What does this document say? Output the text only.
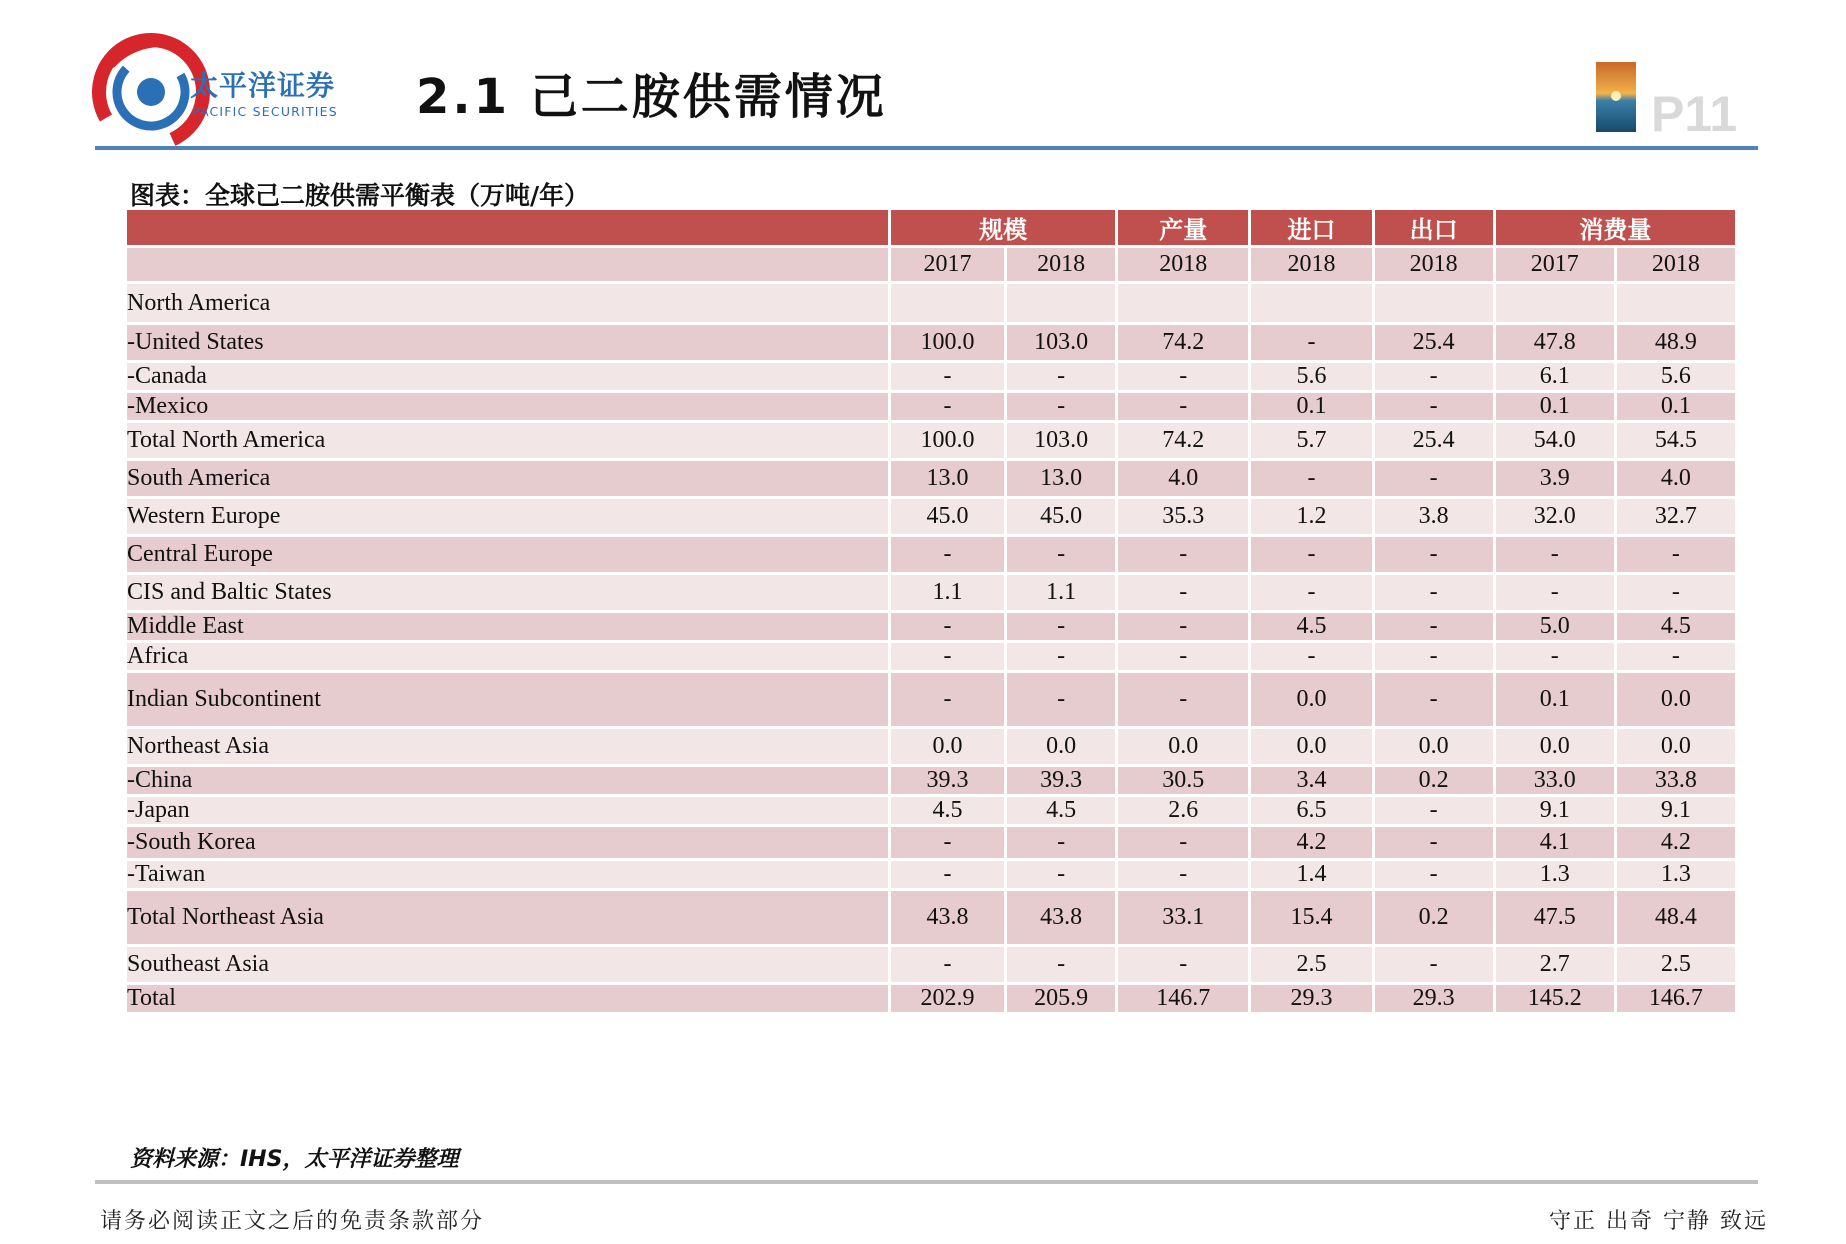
太平洋证券
PACIFIC SECURITIES 2.1 己二胺供需情况	P11
图表：全球己二胺供需平衡表（万吨/年）
	规模		产量	进口	出口	消费量	
	2017	2018	2018	2018	2018	2017	2018
North America							
-United States	100.0	103.0	74.2	-	25.4	47.8	48.9
-Canada	-	-	-	5.6	-	6.1	5.6
-Mexico	-	-	-	0.1	-	0.1	0.1
Total North America	100.0	103.0	74.2	5.7	25.4	54.0	54.5
South America	13.0	13.0	4.0	-	-	3.9	4.0
Western Europe	45.0	45.0	35.3	1.2	3.8	32.0	32.7
Central Europe	-	-	-	-	-	-	-
CIS and Baltic States	1.1	1.1	-	-	-	-	-
Middle East	-	-	-	4.5	-	5.0	4.5
Africa	-	-	-	-	-	-	-
Indian Subcontinent	-	-	-	0.0	-	0.1	0.0
Northeast Asia	0.0	0.0	0.0	0.0	0.0	0.0	0.0
-China	39.3	39.3	30.5	3.4	0.2	33.0	33.8
-Japan	4.5	4.5	2.6	6.5	-	9.1	9.1
-South Korea	-	-	-	4.2	-	4.1	4.2
-Taiwan	-	-	-	1.4	-	1.3	1.3
Total Northeast Asia	43.8	43.8	33.1	15.4	0.2	47.5	48.4
Southeast Asia	-	-	-	2.5	-	2.7	2.5
Total	202.9	205.9	146.7	29.3	29.3	145.2	146.7
资料来源：IHS，太平洋证券整理
请务必阅读正文之后的免责条款部分	守正 出奇 宁静 致远
